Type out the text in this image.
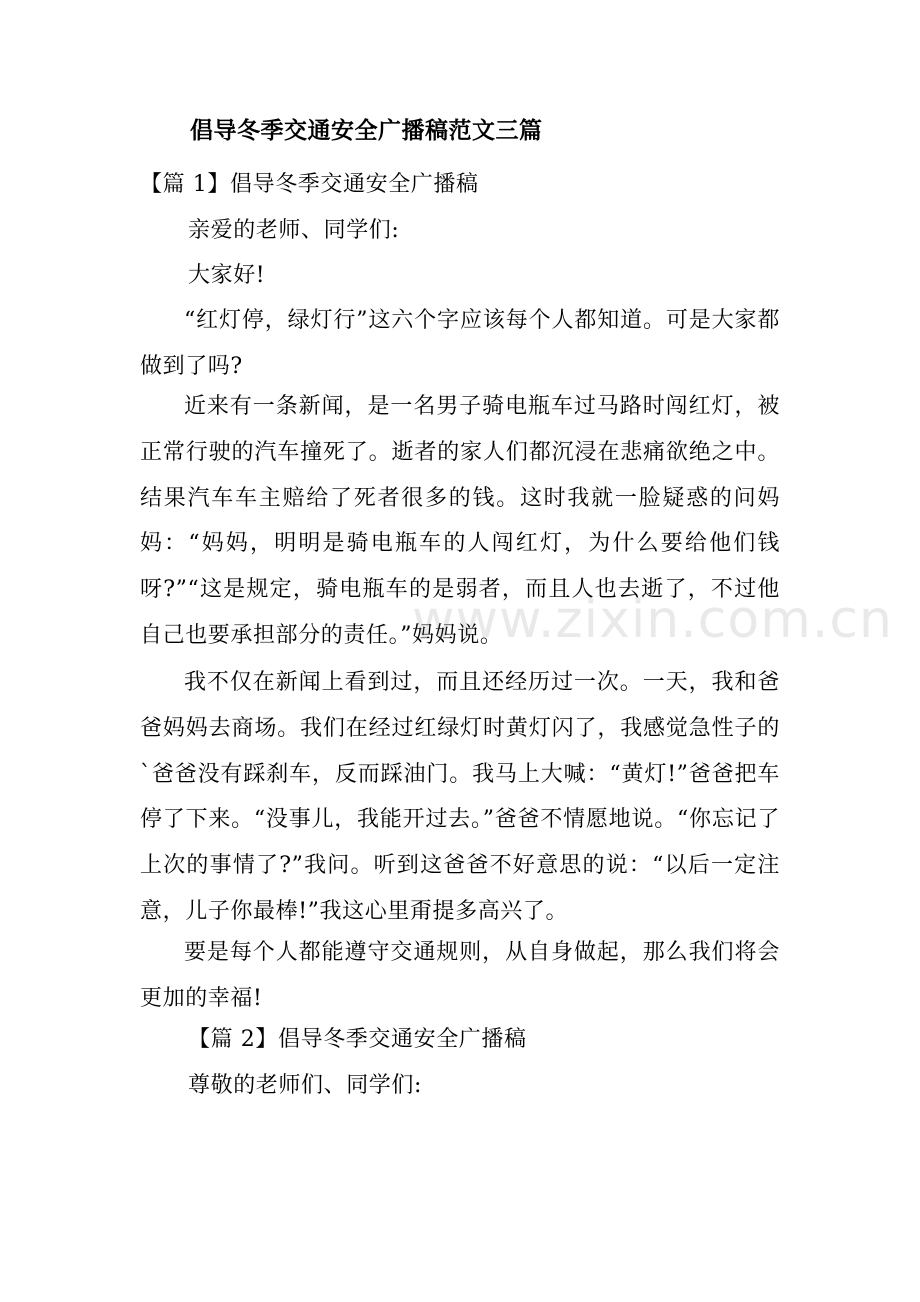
倡导冬季交通安全广播稿范文三篇
【篇 1】倡导冬季交通安全广播稿
亲爱的老师、同学们:
大家好!
“红灯停，绿灯行”这六个字应该每个人都知道。可是大家都做到了吗?
近来有一条新闻，是一名男子骑电瓶车过马路时闯红灯，被正常行驶的汽车撞死了。逝者的家人们都沉浸在悲痛欲绝之中。结果汽车车主赔给了死者很多的钱。这时我就一脸疑惑的问妈妈：“妈妈，明明是骑电瓶车的人闯红灯，为什么要给他们钱呀?”“这是规定，骑电瓶车的是弱者，而且人也去逝了，不过他自己也要承担部分的责任。”妈妈说。
我不仅在新闻上看到过，而且还经历过一次。一天，我和爸爸妈妈去商场。我们在经过红绿灯时黄灯闪了，我感觉急性子的`爸爸没有踩刹车，反而踩油门。我马上大喊：“黄灯!”爸爸把车停了下来。“没事儿，我能开过去。”爸爸不情愿地说。“你忘记了上次的事情了?”我问。听到这爸爸不好意思的说：“以后一定注意，儿子你最棒!”我这心里甭提多高兴了。
要是每个人都能遵守交通规则，从自身做起，那么我们将会更加的幸福!
【篇 2】倡导冬季交通安全广播稿
尊敬的老师们、同学们:
www.zixin.com.cn
